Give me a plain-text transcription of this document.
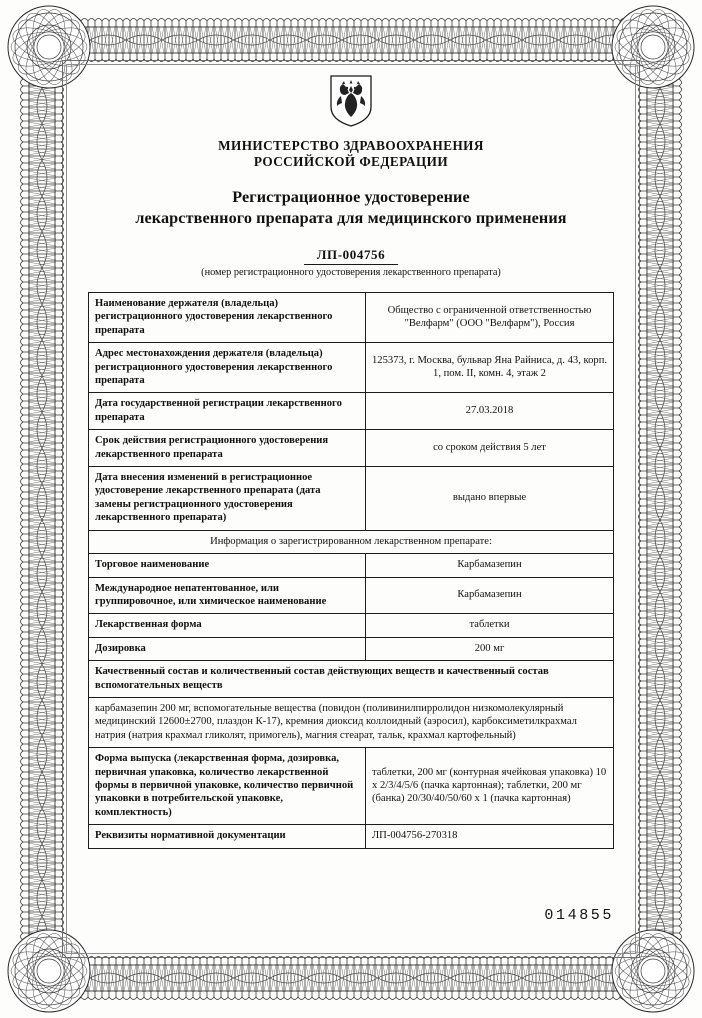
МИНИСТЕРСТВО ЗДРАВООХРАНЕНИЯ
РОССИЙСКОЙ ФЕДЕРАЦИИ
Регистрационное удостоверение
лекарственного препарата для медицинского применения
ЛП-004756
(номер регистрационного удостоверения лекарственного препарата)
Наименование держателя (владельца) регистрационного удостоверения лекарственного препарата	Общество с ограниченной ответственностью "Велфарм" (ООО "Велфарм"), Россия
Адрес местонахождения держателя (владельца) регистрационного удостоверения лекарственного препарата	125373, г. Москва, бульвар Яна Райниса, д. 43, корп. 1, пом. II, комн. 4, этаж 2
Дата государственной регистрации лекарственного препарата	27.03.2018
Срок действия регистрационного удостоверения лекарственного препарата	со сроком действия 5 лет
Дата внесения изменений в регистрационное удостоверение лекарственного препарата (дата замены регистрационного удостоверения лекарственного препарата)	выдано впервые
Информация о зарегистрированном лекарственном препарате:	
Торговое наименование	Карбамазепин
Международное непатентованное, или группировочное, или химическое наименование	Карбамазепин
Лекарственная форма	таблетки
Дозировка	200 мг
Качественный состав и количественный состав действующих веществ и качественный состав вспомогательных веществ	
карбамазепин 200 мг, вспомогательные вещества (повидон (поливинилпирролидон низкомолекулярный медицинский 12600±2700, плаздон К-17), кремния диоксид коллоидный (аэросил), карбоксиметилкрахмал натрия (натрия крахмал гликолят, примогель), магния стеарат, тальк, крахмал картофельный)	
Форма выпуска (лекарственная форма, дозировка, первичная упаковка, количество лекарственной формы в первичной упаковке, количество первичной упаковки в потребительской упаковке, комплектность)	таблетки, 200 мг (контурная ячейковая упаковка) 10 х 2/3/4/5/6 (пачка картонная); таблетки, 200 мг (банка) 20/30/40/50/60 х 1 (пачка картонная)
Реквизиты нормативной документации	ЛП-004756-270318
014855
